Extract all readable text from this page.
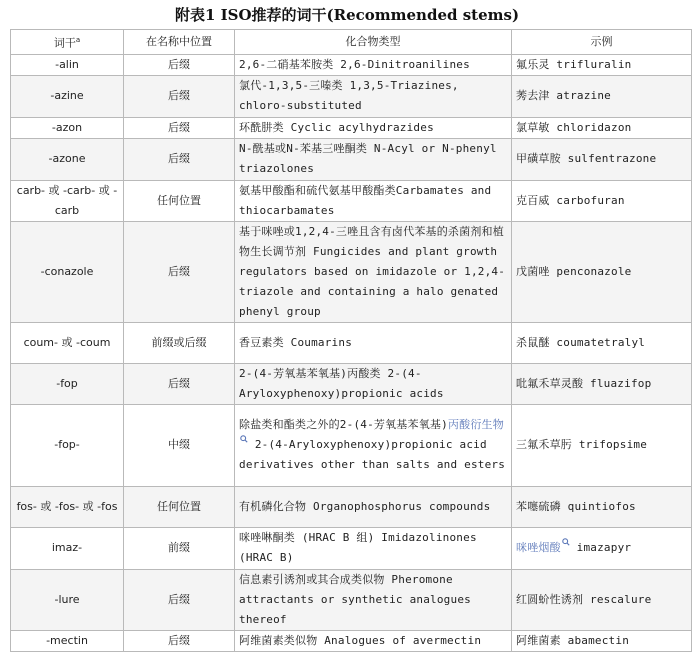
附表1 ISO推荐的词干(Recommended stems)
词干$^a$	在名称中位置	化合物类型	示例
-alin	后缀	2,6-二硝基苯胺类 2,6-Dinitroanilines	氟乐灵 trifluralin
-azine	后缀	氯代-1,3,5-三嗪类 1,3,5-Triazines, chloro-substituted	莠去津 atrazine
-azon	后缀	环酰肼类 Cyclic acylhydrazides	氯草敏 chloridazon
-azone	后缀	N-酰基或N-苯基三唑酮类 N-Acyl or N-phenyl triazolones	甲磺草胺 sulfentrazone
carb- 或 -carb- 或 -carb	任何位置	氨基甲酸酯和硫代氨基甲酸酯类Carbamates and thiocarbamates	克百威 carbofuran
-conazole	后缀	基于咪唑或1,2,4-三唑且含有卤代苯基的杀菌剂和植物生长调节剂 Fungicides and plant growth regulators based on imidazole or 1,2,4-triazole and containing a halo genated phenyl group	戊菌唑 penconazole
coum- 或 -coum	前缀或后缀	香豆素类 Coumarins	杀鼠醚 coumatetralyl
-fop	后缀	2-(4-芳氧基苯氧基)丙酸类 2-(4-Aryloxyphenoxy)propionic acids	吡氟禾草灵酸 fluazifop
-fop-	中缀	除盐类和酯类之外的2-(4-芳氧基苯氧基)丙酸衍生物 2-(4-Aryloxyphenoxy)propionic acid derivatives other than salts and esters	三氟禾草肟 trifopsime
fos- 或 -fos- 或 -fos	任何位置	有机磷化合物 Organophosphorus compounds	苯噻硫磷 quintiofos
imaz-	前缀	咪唑啉酮类 (HRAC B 组) Imidazolinones (HRAC B)	咪唑烟酸 imazapyr
-lure	后缀	信息素引诱剂或其合成类似物 Pheromone attractants or synthetic analogues thereof	红圆蚧性诱剂 rescalure
-mectin	后缀	阿维菌素类似物 Analogues of avermectin	阿维菌素 abamectin
